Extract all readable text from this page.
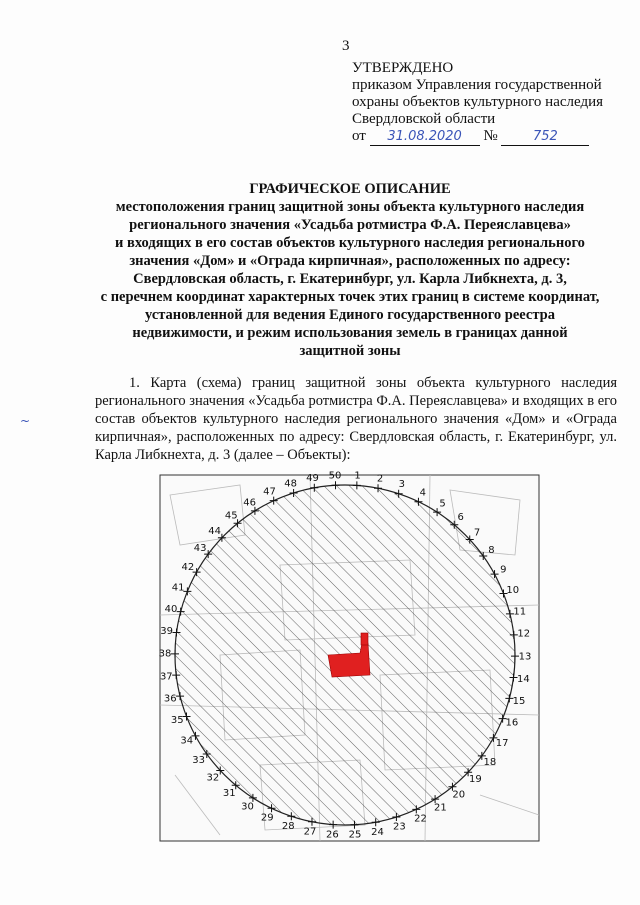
3
УТВЕРЖДЕНО
приказом Управления государственной
охраны объектов культурного наследия
Свердловской области
от 31.08.2020 №	752
ГРАФИЧЕСКОЕ ОПИСАНИЕ
местоположения границ защитной зоны объекта культурного наследия
регионального значения «Усадьба ротмистра Ф.А. Переяславцева»
и входящих в его состав объектов культурного наследия регионального
значения «Дом» и «Ограда кирпичная», расположенных по адресу:
Свердловская область, г. Екатеринбург, ул. Карла Либкнехта, д. 3,
с перечнем координат характерных точек этих границ в системе координат,
установленной для ведения Единого государственного реестра
недвижимости, и режим использования земель в границах данной
защитной зоны

1. Карта (схема) границ защитной зоны объекта культурного наследия регионального значения «Усадьба ротмистра Ф.А. Переяславцева» и входящих в его состав объектов культурного наследия регионального значения «Дом» и «Ограда кирпичная», расположенных по адресу: Свердловская область, г. Екатеринбург, ул. Карла Либкнехта, д. 3 (далее – Объекты):

1 2
3
4
5
6
7
8
9
10
11
12
13
14
15
16
17
18
19
20
21
22
23
24
25
26
27
28
29
30
31
32
33
34
35
36
37
38
39
40
41
42
43
44
45
46
47
48 49 50
~
